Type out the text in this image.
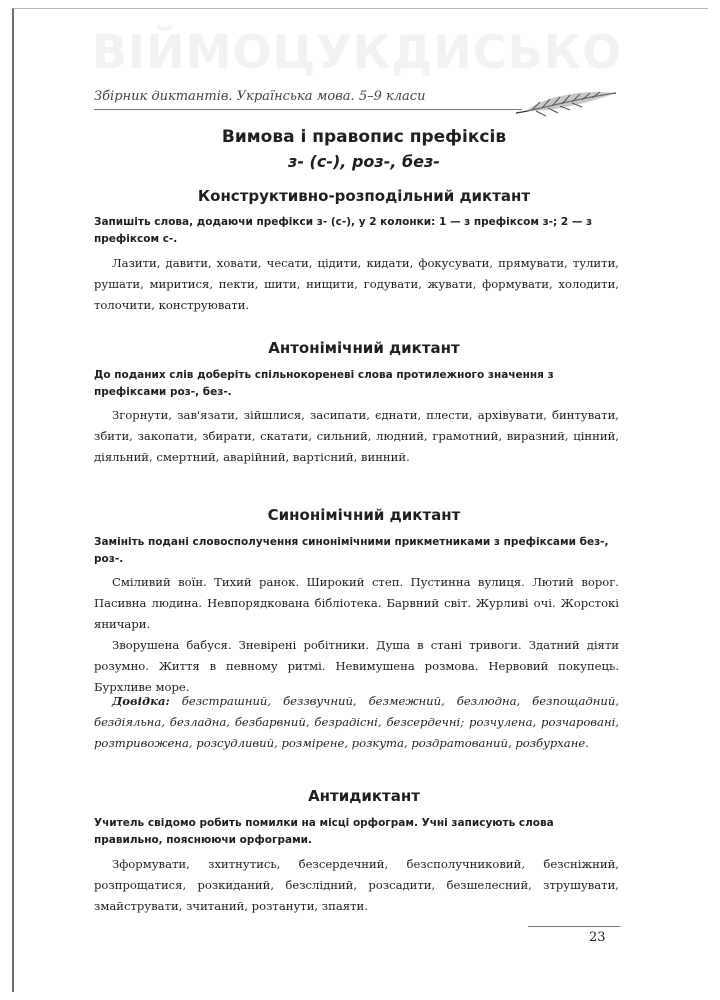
ВІЙМОЦУКДИСЬКО
Збірник диктантів. Українська мова. 5–9 класи
Вимова і правопис префіксів
з- (с-), роз-, без-
Конструктивно-розподільний диктант
Запишіть слова, додаючи префікси з- (с-), у 2 колонки: 1 — з префіксом з-; 2 — з префіксом с-.

Лазити, давити, ховати, чесати, цідити, кидати, фокусувати, прямувати, тулити, рушати, миритися, пекти, шити, нищити, годувати, жувати, формувати, холодити, толочити, конструювати.

Антонімічний диктант
До поданих слів доберіть спільнокореневі слова протилежного значення з префіксами роз-, без-.

Згорнути, зав'язати, зійшлися, засипати, єднати, плести, архівувати, бинтувати, збити, закопати, збирати, скатати, сильний, людний, грамотний, виразний, цінний, діяльний, смертний, аварійний, вартісний, винний.

Синонімічний диктант
Замініть подані словосполучення синонімічними прикметниками з префіксами без-, роз-.

Сміливий воїн. Тихий ранок. Широкий степ. Пустинна вулиця. Лютий ворог. Пасивна людина. Невпорядкована бібліотека. Барвний світ. Журливі очі. Жорстокі яничари.

Зворушена бабуся. Зневірені робітники. Душа в стані тривоги. Здатний діяти розумно. Життя в певному ритмі. Невимушена розмова. Нервовий покупець. Бурхливе море.

Довідка: безстрашний, беззвучний, безмежний, безлюдна, безпощадний, бездіяльна, безладна, безбарвний, безрадісні, безсердечні; розчулена, розчаровані, розтривожена, розсудливий, розмірене, розкута, роздратований, розбурхане.

Антидиктант
Учитель свідомо робить помилки на місці орфограм. Учні записують слова правильно, пояснюючи орфограми.

Зформувати, зхитнутись, безсердечний, безсполучниковий, безсніжний, розпрощатися, розкиданий, безслідний, розсадити, безшелесний, зтрушувати, змайструвати, зчитаний, розтанути, зпаяти.

23
